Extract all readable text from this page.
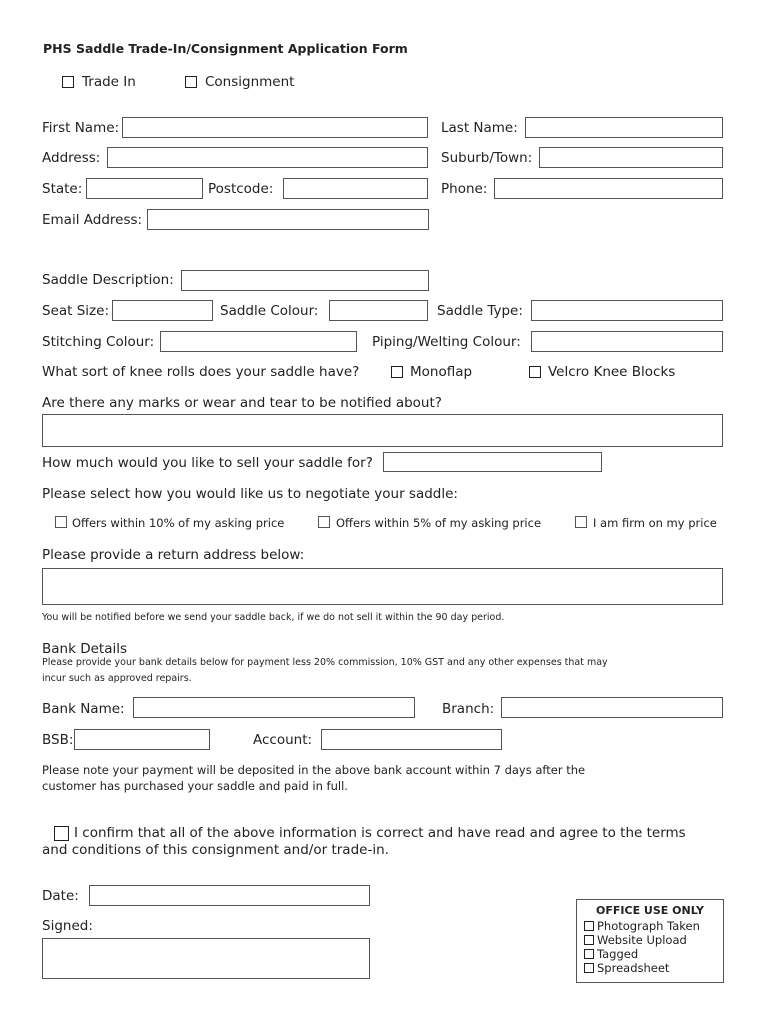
PHS Saddle Trade-In/Consignment Application Form
Trade In	Consignment
First Name:	Last Name:
Address:	Suburb/Town:
State:	Postcode:	Phone:
Email Address:
Saddle Description:
Seat Size:	Saddle Colour:	Saddle Type:
Stitching Colour:	Piping/Welting Colour:
What sort of knee rolls does your saddle have?	Monoflap	Velcro Knee Blocks
Are there any marks or wear and tear to be notified about?
How much would you like to sell your saddle for?
Please select how you would like us to negotiate your saddle:
Offers within 10% of my asking price	Offers within 5% of my asking price	I am firm on my price
Please provide a return address below:
You will be notified before we send your saddle back, if we do not sell it within the 90 day period.
Bank Details
Please provide your bank details below for payment less 20% commission, 10% GST and any other expenses that may
incur such as approved repairs.
Bank Name:	Branch:
BSB:	Account:
Please note your payment will be deposited in the above bank account within 7 days after the
customer has purchased your saddle and paid in full.
I confirm that all of the above information is correct and have read and agree to the terms
and conditions of this consignment and/or trade-in.
Date:
Signed:
OFFICE USE ONLY
Photograph Taken
Website Upload
Tagged
Spreadsheet
